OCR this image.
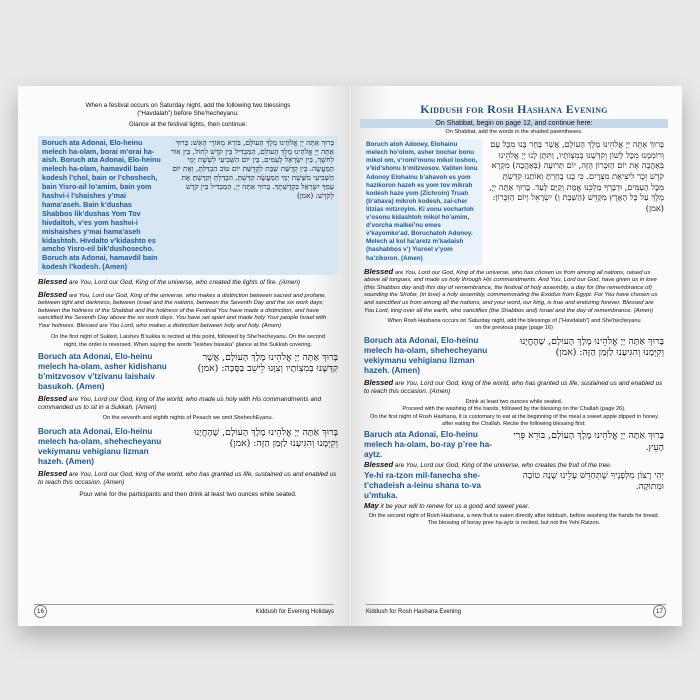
When a festival occurs on Saturday night, add the following two blessings
(“Havdalah”) before She’hecheyanu:
Glance at the festival lights, then continue:
Boruch ata Adonai, Elo-heinu melech ha-olam, borai m’orai ha-aish. Boruch ata Adonai, Elo-heinu melech ha-olam, hamavdil bain kodesh l’chol, bain or l’choshech, bain Yisro-ail lo’amim, bain yom hashvi-i l’shaishes y’mai hama’aseh. Bain k’dushas Shabbos lik’dushas Yom Tov hivdaltoh, v’es yom hashvi-i mishaishes y’mai hama’aseh kidashtoh. Hivdalto v’kidashto es amcho Yisro-eil bik’dushosecho. Boruch ata Adonai, hamavdil bain kodesh l’kodesh. (Amen)
בָּרוּךְ אַתָּה יְיָ אֱלֹהֵינוּ מֶלֶךְ הָעוֹלָם, בּוֹרֵא מְאוֹרֵי הָאֵשׁ: בָּרוּךְ אַתָּה יְיָ אֱלֹהֵינוּ מֶלֶךְ הָעוֹלָם, הַמַּבְדִּיל בֵּין קֹדֶשׁ לְחוֹל, בֵּין אוֹר לְחשֶׁךְ, בֵּין יִשְׂרָאֵל לָעַמִּים, בֵּין יוֹם הַשְּׁבִיעִי לְשֵׁשֶׁת יְמֵי הַמַּעֲשֶׂה. בֵּין קְדֻשַּׁת שַׁבָּת לִקְדֻשַּׁת יוֹם טוֹב הִבְדַּלְתָּ, וְאֶת יוֹם הַשְּׁבִיעִי מִשֵּׁשֶׁת יְמֵי הַמַּעֲשֶׂה קִדַּשְׁתָּ, הִבְדַּלְתָּ וְקִדַּשְׁתָּ אֶת עַמְּךָ יִשְׂרָאֵל בִּקְדֻשָּׁתֶךָ. בָּרוּךְ אַתָּה יְיָ, הַמַּבְדִּיל בֵּין קֹדֶשׁ לְקֹדֶשׁ: (אמן)
Blessed are You, Lord our God, King of the universe, who created the lights of fire. (Amen)
Blessed are You, Lord our God, King of the universe, who makes a distinction between sacred and profane, between light and darkness, between Israel and the nations, between the Seventh Day and the six work days; between the holiness of the Shabbat and the holiness of the Festival You have made a distinction, and have sanctified the Seventh Day above the six work days. You have set apart and made holy Your people Israel with Your holiness. Blessed are You Lord, who makes a distinction between holy and holy. (Amen)
On the first night of Sukkot, Laishev B’sukka is recited at this point, followed by She’hecheyanu. On the second night, the order is reversed. When saying the words “leishev basuka” glance at the Sukkah covering.
Boruch ata Adonai, Elo-heinu melech ha-olam, asher kidishanu b’mitzvosov v’tzivanu laishaiv basukoh. (Amen)
בָּרוּךְ אַתָּה יְיָ אֱלֹהֵינוּ מֶלֶךְ הָעוֹלָם, אֲשֶׁר קִדְּשָׁנוּ בְּמִצְוֹתָיו וְצִוָּנוּ לֵישֵׁב בַּסֻּכָּה: (אמן)
Blessed are You, Lord our God, king of the world, who made us holy with His commandments and commanded us to sit in a Sukkah. (Amen)
On the seventh and eighth nights of Pesach we omit ShehechEyanu.
Boruch ata Adonai, Elo-heinu melech ha-olam, shehecheyanu vekiymanu vehigianu lizman hazeh. (Amen)
בָּרוּךְ אַתָּה יְיָ אֱלֹהֵינוּ מֶלֶךְ הָעוֹלָם, שֶׁהֶחֱיָנוּ וְקִיְּמָנוּ וְהִגִּיעָנוּ לַזְּמַן הַזֶּה: (אמן)
Blessed are You, Lord our God, king of the world, who has granted us life, sustained us and enabled us to reach this occasion. (Amen)
Pour wine for the participants and then drink at least two ounces while seated.
16	Kiddush for Evening Holidays
Kiddush for Rosh Hashana Evening
On Shabbat, begin on page 12, and continue here:
On Shabbat, add the words in the shaded parentheses.
Boruch atoh Adoney, Elohainu melech ho’olom, asher bochar bonu mikol om, v’romi’monu mikol loshon, v’kid’shonu b’mitzvosov. Vatiten lonu Adonoy Elohainu b’ahavoh es yom hazikoron hazeh es yom tov mikrah kodesh haze yom (Zichroin) Truah (b’ahava) mikroh kodesh, zai-cher litzias mitzroyim. Ki vonu vochartoh v’osonu kidashtoh mikol ho’amim, d’vorcha malkei’nu emes v’kayomko’ad. Boruchatoh Adonoy. Melech al kol ha’aretz m’kadaish (hashabbos v’) Yisroel v’yom ha’zikoron. (Amen)
בָּרוּךְ אַתָּה יְיָ אֱלֹהֵינוּ מֶלֶךְ הָעוֹלָם, אֲשֶׁר בָּחַר בָּנוּ מִכָּל עָם וְרוֹמְמָנוּ מִכָּל לָשׁוֹן וְקִדְּשָׁנוּ בְּמִצְוֹתָיו, וַתִּתֶּן לָנוּ יְיָ אֱלֹהֵינוּ בְּאַהֲבָה אֶת יוֹם הַזִּכָּרוֹן הַזֶּה, יוֹם תְּרוּעָה (בְּאַהֲבָה) מִקְרָא קֹדֶשׁ זֵכֶר לִיצִיאַת מִצְרָיִם. כִּי בָנוּ בָחַרְתָּ וְאוֹתָנוּ קִדַּשְׁתָּ מִכָּל הָעַמִּים, וּדְבָרְךָ מַלְכֵּנוּ אֱמֶת וְקַיָּם לָעַד. בָּרוּךְ אַתָּה יְיָ, מֶלֶךְ עַל כָּל הָאָרֶץ מְקַדֵּשׁ (הַשַּׁבָּת וְ) יִשְׂרָאֵל וְיוֹם הַזִּכָּרוֹן: (אמן)
Blessed are You, Lord our God, King of the universe, who has chosen us from among all nations, raised us above all tongues, and made us holy through His commandments. And You, Lord our God, have given us in love (this Shabbos day and) this day of remembrance, the festival of holy assembly, a day for (the remembrance of) sounding the Shofar, (in love) a holy assembly, commemorating the Exodus from Egypt. For You have chosen us and sanctified us from among all the nations, and your word, our king, is true and enduring forever. Blessed are You Lord, king over all the earth, who sanctifies (the Shabbos and) Israel and the day of remembrance. (Amen)
When Rosh Hashana occurs on Saturday night, add the blessings of (“Havdalah”) and She’hecheyanu on the previous page (page 16)
Boruch ata Adonai, Elo-heinu melech ha-olam, shehecheyanu vekiymanu vehigianu lizman hazeh. (Amen)
בָּרוּךְ אַתָּה יְיָ אֱלֹהֵינוּ מֶלֶךְ הָעוֹלָם, שֶׁהֶחֱיָנוּ וְקִיְּמָנוּ וְהִגִּיעָנוּ לַזְּמַן הַזֶּה: (אמן)
Blessed are You, Lord our God, king of the world, who has granted us life, sustained us and enabled us to reach this occasion. (Amen)
Drink at least two ounces while seated.
Proceed with the washing of the hands, followed by the blessing on the Challah (page 26).
On the first night of Rosh Hashana, it is customary to eat at the beginning of the meal a sweet apple dipped in honey after eating the Challah. Recite the following blessing first:
Baruch ata Adonai, Elo-heinu melech ha-olam, bo-ray p’ree ha-aytz.
בָּרוּךְ אַתָּה יְיָ אֱלֹהֵינוּ מֶלֶךְ הָעוֹלָם, בּוֹרֵא פְּרִי הָעֵץ.
Blessed are You, Lord our God, King of the universe, who creates the fruit of the tree.
Ye-hi ra-tzon mil-fanecha she-t’chadeish a-leinu shana to-va u’mtuka.
יְהִי רָצוֹן מִלְּפָנֶיךָ שֶׁתְּחַדֵּשׁ עָלֵינוּ שָׁנָה טוֹבָה וּמְתוּקָה.
May it be your will to renew for us a good and sweet year.
On the second night of Rosh Hashana, a new fruit is eaten directly after kiddush, before washing the hands for bread. The blessing of boray pree ha-aytz is recited, but not the Yehi Ratzon.
Kiddush for Rosh Hashana Evening	17
